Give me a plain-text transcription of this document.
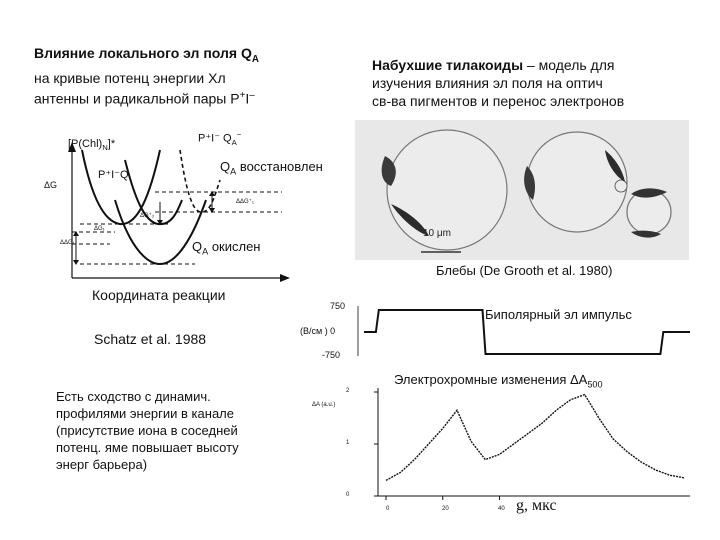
Влияние локального эл поля $Q_A$
на кривые потенц энергии Хл
антенны и радикальной пары Р+I–
Набухшие тилакоиды – модель для
изучения влияния эл поля на оптич
св-ва пигментов и перенос электронов
$[P(Chl)_N]*$
P⁺I⁻Q
P⁺I⁻ $Q_A^-$
$Q_A$ восстановлен
$Q_A$ окислен
ΔG
ΔΔG⁺₁
ΔG⁺₂
ΔG₁
ΔΔG₁
Координата реакции
10 μm
Блебы (De Grooth et al. 1980)
Schatz et al. 1988
Есть сходство с динамич.
профилями энергии в канале
(присутствие иона в соседней
потенц. яме повышает высоту
энерг барьера)
750
(В/см ) 0
-750
Биполярный эл импульс
Электрохромные изменения $\Delta A_{500}$
ΔA (a.u.)
2
1
0
0	20	40 g, мкс
